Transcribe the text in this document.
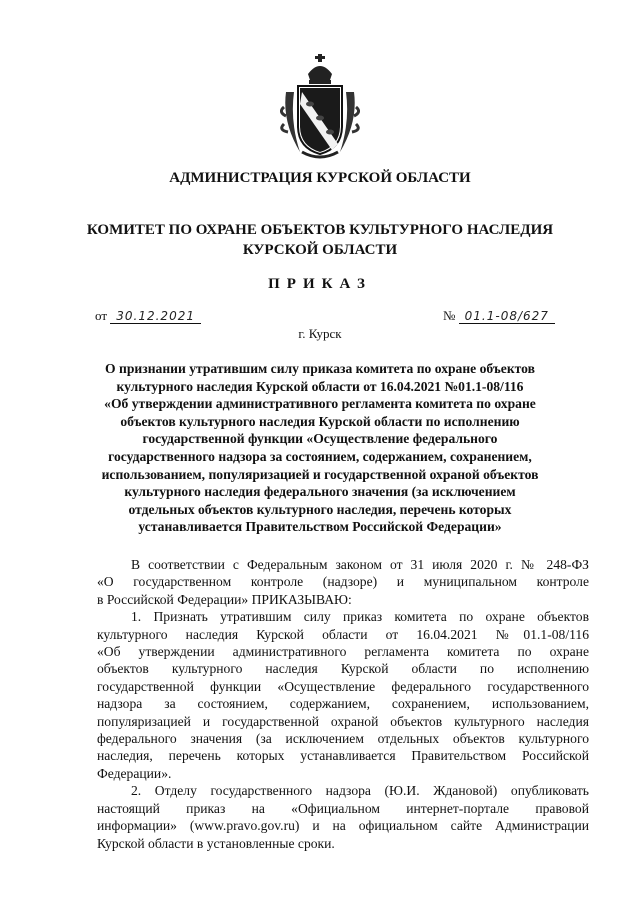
АДМИНИСТРАЦИЯ КУРСКОЙ ОБЛАСТИ
КОМИТЕТ ПО ОХРАНЕ ОБЪЕКТОВ КУЛЬТУРНОГО НАСЛЕДИЯ
КУРСКОЙ ОБЛАСТИ
ПРИКАЗ
от 30.12.2021	№ 01.1-08/627
г. Курск
О признании утратившим силу приказа комитета по охране объектов
культурного наследия Курской области от 16.04.2021 №01.1-08/116
«Об утверждении административного регламента комитета по охране
объектов культурного наследия Курской области по исполнению
государственной функции «Осуществление федерального
государственного надзора за состоянием, содержанием, сохранением,
использованием, популяризацией и государственной охраной объектов
культурного наследия федерального значения (за исключением
отдельных объектов культурного наследия, перечень которых
устанавливается Правительством Российской Федерации»
В соответствии с Федеральным законом от 31 июля 2020 г. № 248-ФЗ
«О государственном контроле (надзоре) и муниципальном контроле
в Российской Федерации» ПРИКАЗЫВАЮ:
1. Признать утратившим силу приказ комитета по охране объектов
культурного наследия Курской области от 16.04.2021 №01.1-08/116
«Об утверждении административного регламента комитета по охране
объектов культурного наследия Курской области по исполнению
государственной функции «Осуществление федерального государственного
надзора за состоянием, содержанием, сохранением, использованием,
популяризацией и государственной охраной объектов культурного наследия
федерального значения (за исключением отдельных объектов культурного
наследия, перечень которых устанавливается Правительством Российской
Федерации».
2. Отделу государственного надзора (Ю.И. Ждановой) опубликовать
настоящий приказ на «Официальном интернет-портале правовой
информации» (www.pravo.gov.ru) и на официальном сайте Администрации
Курской области в установленные сроки.
